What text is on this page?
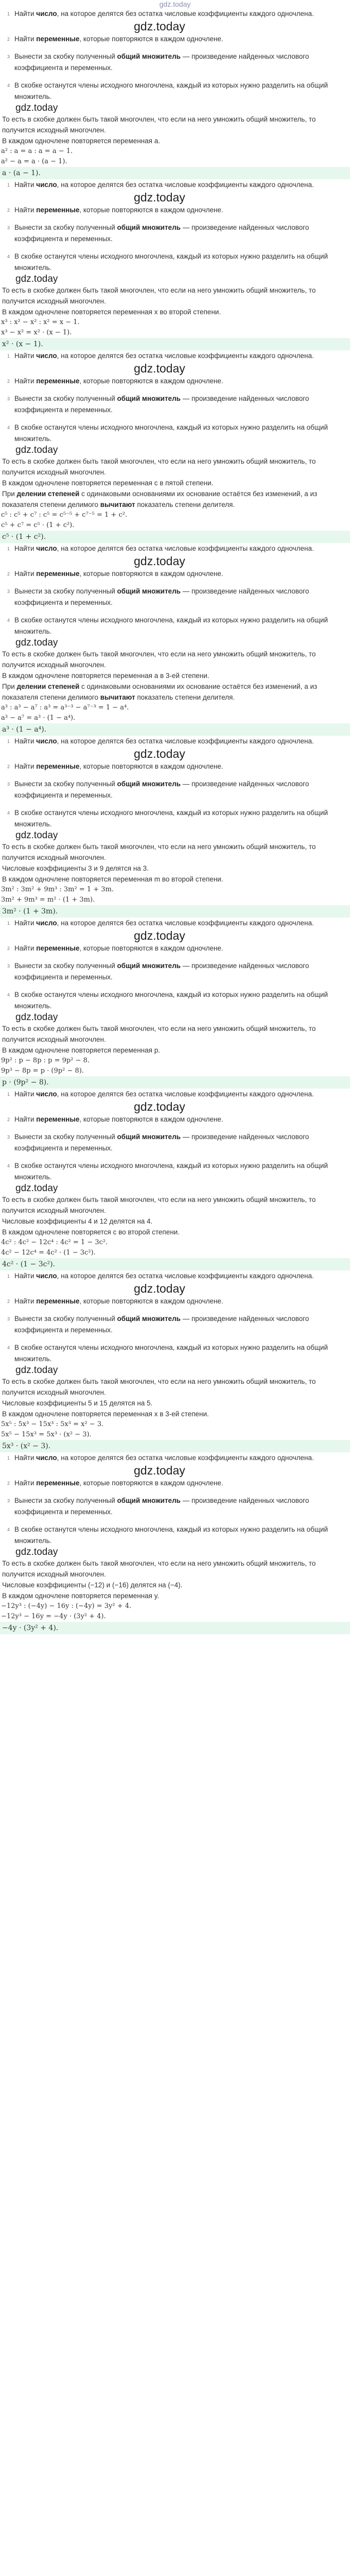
gdz.today
1 Найти число, на которое делятся без остатка числовые коэффициенты каждого одночлена.
gdz.today
2 Найти переменные, которые повторяются в каждом одночлене.
3 Вынести за скобку полученный общий множитель — произведение найденных числового коэффициента и переменных.
4 В скобке останутся члены исходного многочлена, каждый из которых нужно разделить на общий множитель.
gdz.today
То есть в скобке должен быть такой многочлен, что если на него умножить общий множитель, то получится исходный многочлен.
В каждом одночлене повторяется переменная a.
a² : a = a : a = a − 1.
a² − a = a · (a − 1).
a · (a − 1).
1 Найти число, на которое делятся без остатка числовые коэффициенты каждого одночлена.
gdz.today
2 Найти переменные, которые повторяются в каждом одночлене.
3 Вынести за скобку полученный общий множитель — произведение найденных числового коэффициента и переменных.
4 В скобке останутся члены исходного многочлена, каждый из которых нужно разделить на общий множитель.
gdz.today
То есть в скобке должен быть такой многочлен, что если на него умножить общий множитель, то получится исходный многочлен.
В каждом одночлене повторяется переменная x во второй степени.
x³ : x² − x² : x² = x − 1.
x³ − x² = x² · (x − 1).
x² · (x − 1).
1 Найти число, на которое делятся без остатка числовые коэффициенты каждого одночлена.
gdz.today
2 Найти переменные, которые повторяются в каждом одночлене.
3 Вынести за скобку полученный общий множитель — произведение найденных числового коэффициента и переменных.
4 В скобке останутся члены исходного многочлена, каждый из которых нужно разделить на общий множитель.
gdz.today
То есть в скобке должен быть такой многочлен, что если на него умножить общий множитель, то получится исходный многочлен.
В каждом одночлене повторяется переменная c в пятой степени.
При делении степеней с одинаковыми основаниями их основание остаётся без изменений, а из показателя степени делимого вычитают показатель степени делителя.
c⁵ : c⁵ + c⁷ : c⁵ = c⁵⁻⁵ + c⁷⁻⁵ = 1 + c².
c⁵ + c⁷ = c⁵ · (1 + c²).
c⁵ · (1 + c²).
1 Найти число, на которое делятся без остатка числовые коэффициенты каждого одночлена.
gdz.today
2 Найти переменные, которые повторяются в каждом одночлене.
3 Вынести за скобку полученный общий множитель — произведение найденных числового коэффициента и переменных.
4 В скобке останутся члены исходного многочлена, каждый из которых нужно разделить на общий множитель.
gdz.today
То есть в скобке должен быть такой многочлен, что если на него умножить общий множитель, то получится исходный многочлен.
В каждом одночлене повторяется переменная a в 3-ей степени.
При делении степеней с одинаковыми основаниями их основание остаётся без изменений, а из показателя степени делимого вычитают показатель степени делителя.
a³ : a³ − a⁷ : a³ = a³⁻³ − a⁷⁻³ = 1 − a⁴.
a³ − a⁷ = a³ · (1 − a⁴).
a³ · (1 − a⁴).
1 Найти число, на которое делятся без остатка числовые коэффициенты каждого одночлена.
gdz.today
2 Найти переменные, которые повторяются в каждом одночлене.
3 Вынести за скобку полученный общий множитель — произведение найденных числового коэффициента и переменных.
4 В скобке останутся члены исходного многочлена, каждый из которых нужно разделить на общий множитель.
gdz.today
То есть в скобке должен быть такой многочлен, что если на него умножить общий множитель, то получится исходный многочлен.
Числовые коэффициенты 3 и 9 делятся на 3.
В каждом одночлене повторяется переменная m во второй степени.
3m² : 3m² + 9m³ : 3m² = 1 + 3m.
3m² + 9m³ = m² · (1 + 3m).
3m² · (1 + 3m).
1 Найти число, на которое делятся без остатка числовые коэффициенты каждого одночлена.
gdz.today
2 Найти переменные, которые повторяются в каждом одночлене.
3 Вынести за скобку полученный общий множитель — произведение найденных числового коэффициента и переменных.
4 В скобке останутся члены исходного многочлена, каждый из которых нужно разделить на общий множитель.
gdz.today
То есть в скобке должен быть такой многочлен, что если на него умножить общий множитель, то получится исходный многочлен.
В каждом одночлене повторяется переменная p.
9p² : p − 8p : p = 9p² − 8.
9p³ − 8p = p · (9p² − 8).
p · (9p² − 8).
1 Найти число, на которое делятся без остатка числовые коэффициенты каждого одночлена.
gdz.today
2 Найти переменные, которые повторяются в каждом одночлене.
3 Вынести за скобку полученный общий множитель — произведение найденных числового коэффициента и переменных.
4 В скобке останутся члены исходного многочлена, каждый из которых нужно разделить на общий множитель.
gdz.today
То есть в скобке должен быть такой многочлен, что если на него умножить общий множитель, то получится исходный многочлен.
Числовые коэффициенты 4 и 12 делятся на 4.
В каждом одночлене повторяется c во второй степени.
4c² : 4c² − 12c⁴ : 4c² = 1 − 3c².
4c² − 12c⁴ = 4c² · (1 − 3c²).
4c² · (1 − 3c²).
1 Найти число, на которое делятся без остатка числовые коэффициенты каждого одночлена.
gdz.today
2 Найти переменные, которые повторяются в каждом одночлене.
3 Вынести за скобку полученный общий множитель — произведение найденных числового коэффициента и переменных.
4 В скобке останутся члены исходного многочлена, каждый из которых нужно разделить на общий множитель.
gdz.today
То есть в скобке должен быть такой многочлен, что если на него умножить общий множитель, то получится исходный многочлен.
Числовые коэффициенты 5 и 15 делятся на 5.
В каждом одночлене повторяется переменная x в 3-ей степени.
5x⁵ : 5x³ − 15x³ : 5x³ = x² − 3.
5x⁵ − 15x³ = 5x³ · (x² − 3).
5x³ · (x² − 3).
1 Найти число, на которое делятся без остатка числовые коэффициенты каждого одночлена.
gdz.today
2 Найти переменные, которые повторяются в каждом одночлене.
3 Вынести за скобку полученный общий множитель — произведение найденных числового коэффициента и переменных.
4 В скобке останутся члены исходного многочлена, каждый из которых нужно разделить на общий множитель.
gdz.today
То есть в скобке должен быть такой многочлен, что если на него умножить общий множитель, то получится исходный многочлен.
Числовые коэффициенты (−12) и (−16) делятся на (−4).
В каждом одночлене повторяется переменная y.
−12y³ : (−4y) − 16y : (−4y) = 3y² + 4.
−12y³ − 16y = −4y · (3y² + 4).
−4y · (3y² + 4).
